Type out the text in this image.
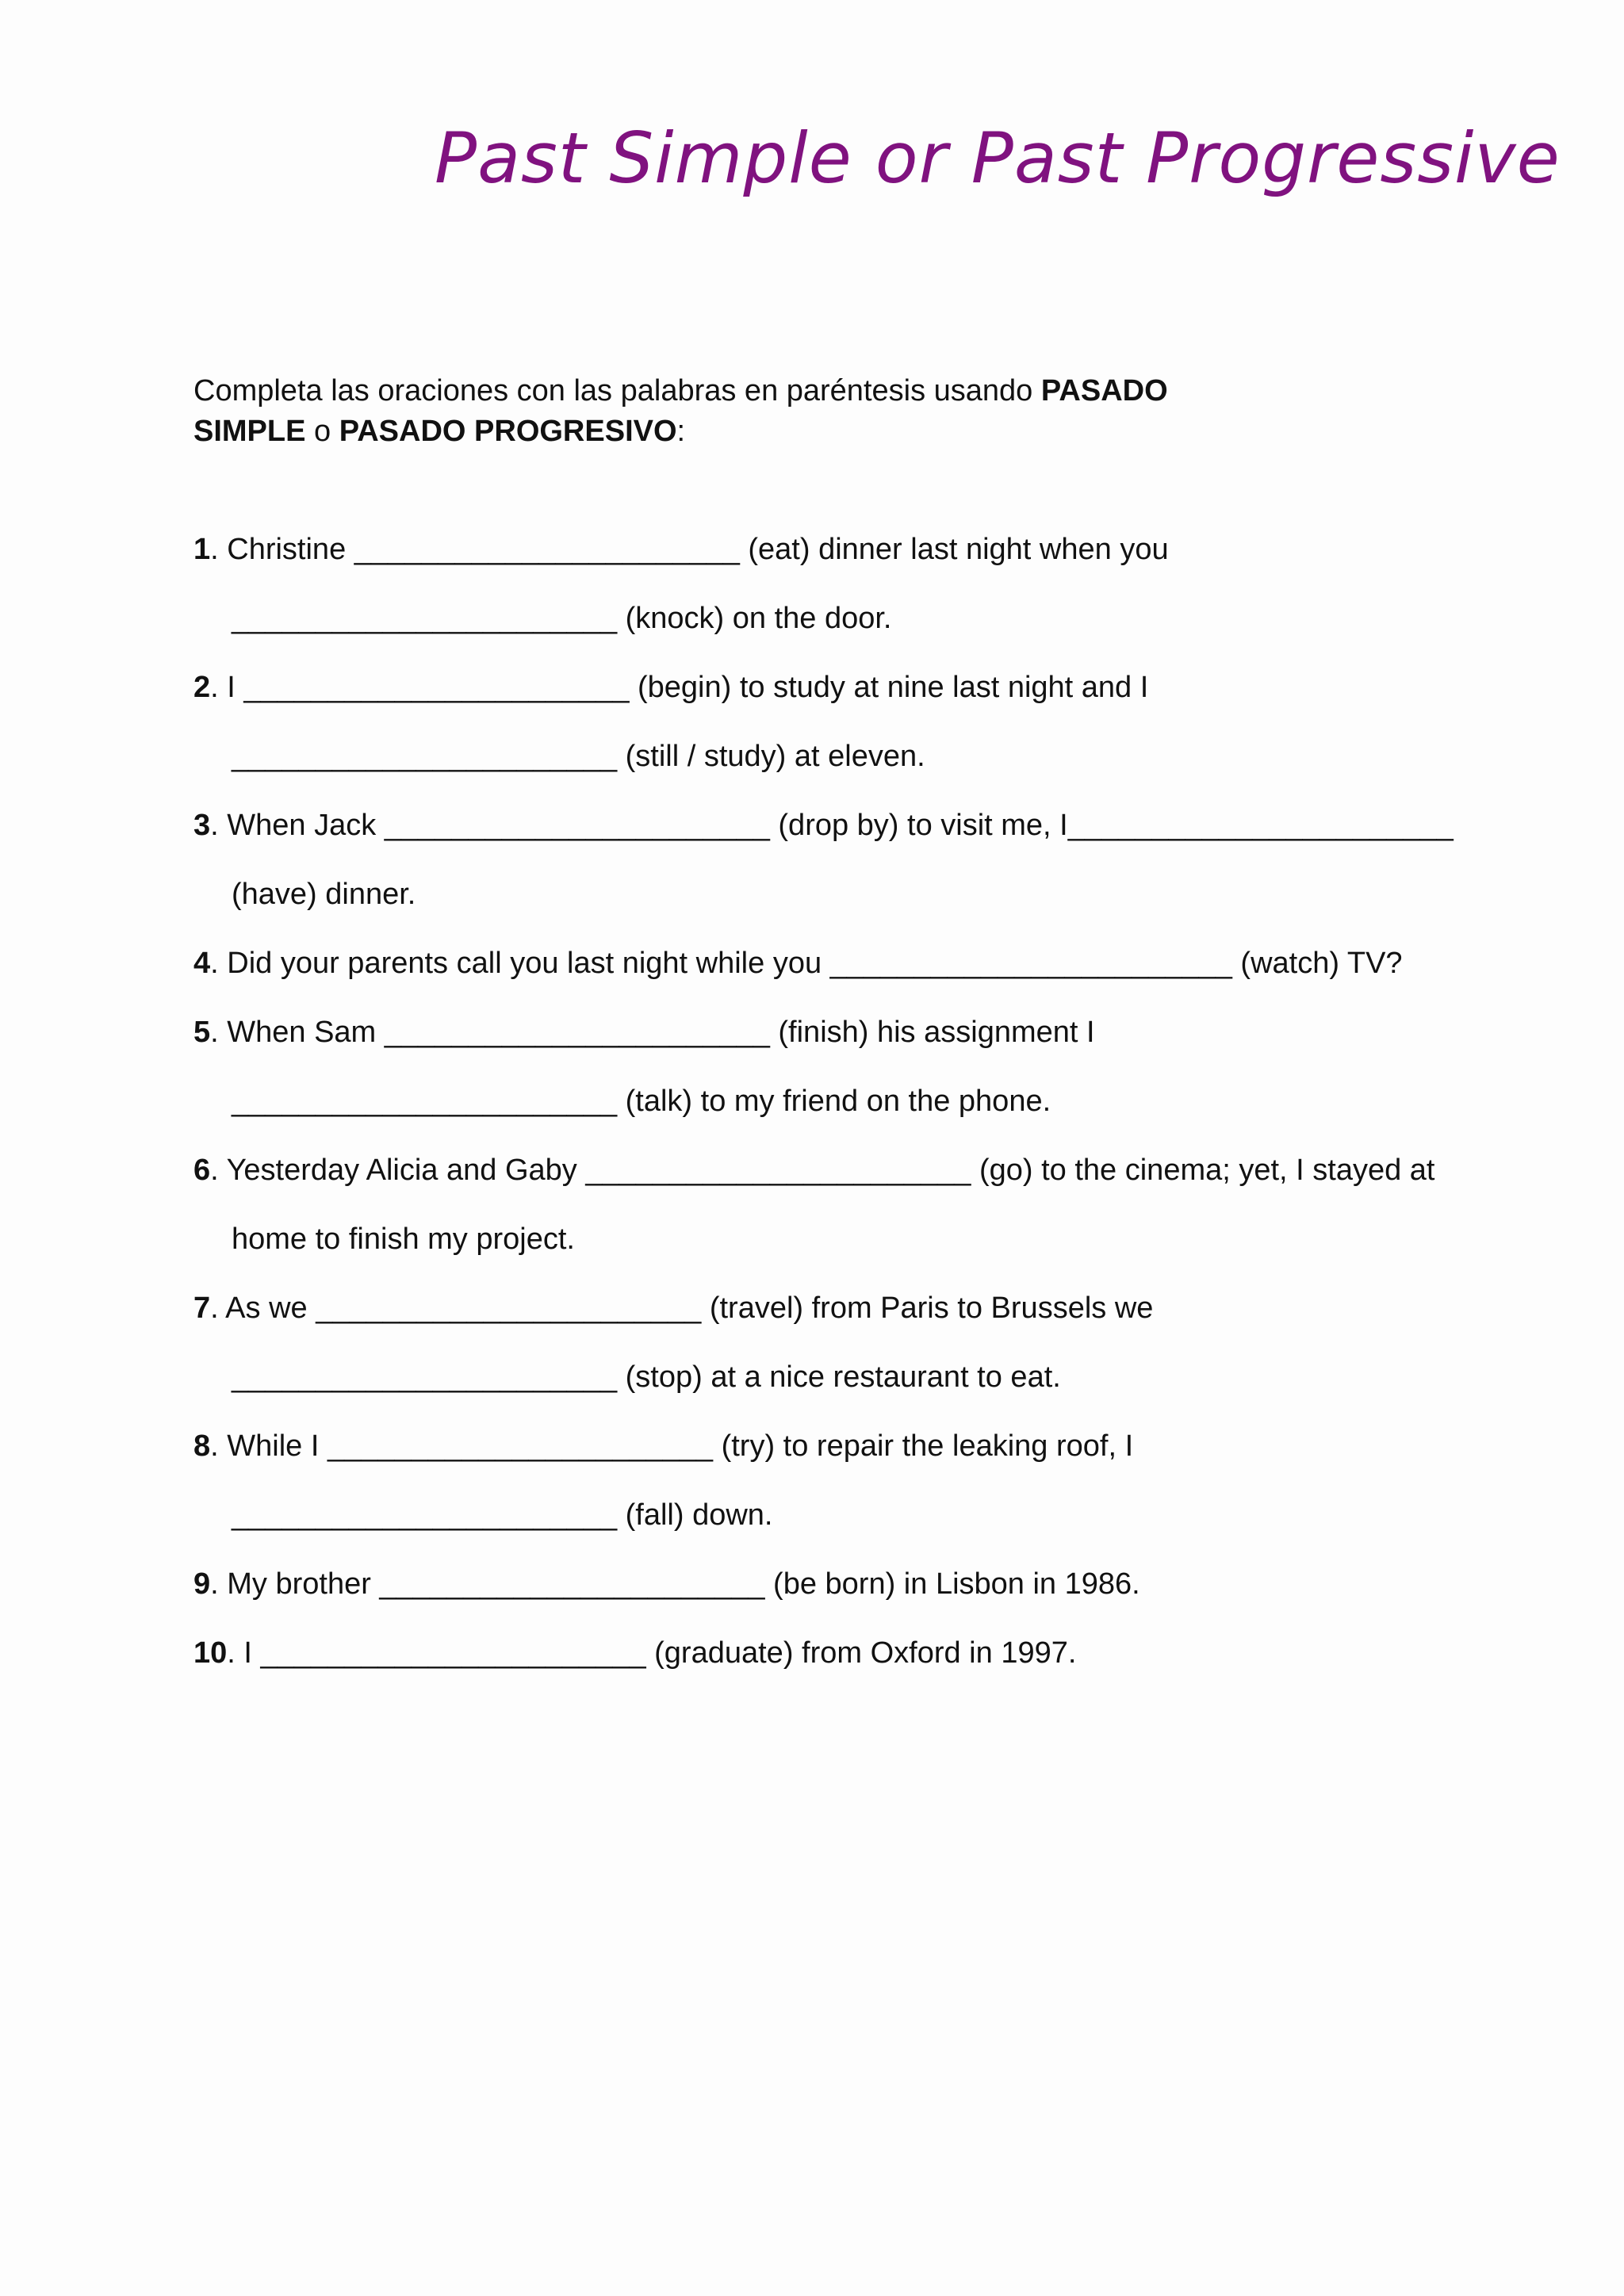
Past Simple or Past Progressive

Completa las oraciones con las palabras en paréntesis usando PASADO
SIMPLE o PASADO PROGRESIVO:

1. Christine _______________________ (eat) dinner last night when you
_______________________ (knock) on the door.
2. I _______________________ (begin) to study at nine last night and I
_______________________ (still / study) at eleven.
3. When Jack _______________________ (drop by) to visit me, I_______________________
(have) dinner.
4. Did your parents call you last night while you ________________________ (watch) TV?
5. When Sam _______________________ (finish) his assignment I
_______________________ (talk) to my friend on the phone.
6. Yesterday Alicia and Gaby _______________________ (go) to the cinema; yet, I stayed at
home to finish my project.
7. As we _______________________ (travel) from Paris to Brussels we
_______________________ (stop) at a nice restaurant to eat.
8. While I _______________________ (try) to repair the leaking roof, I
_______________________ (fall) down.
9. My brother _______________________ (be born) in Lisbon in 1986.
10. I _______________________ (graduate) from Oxford in 1997.
